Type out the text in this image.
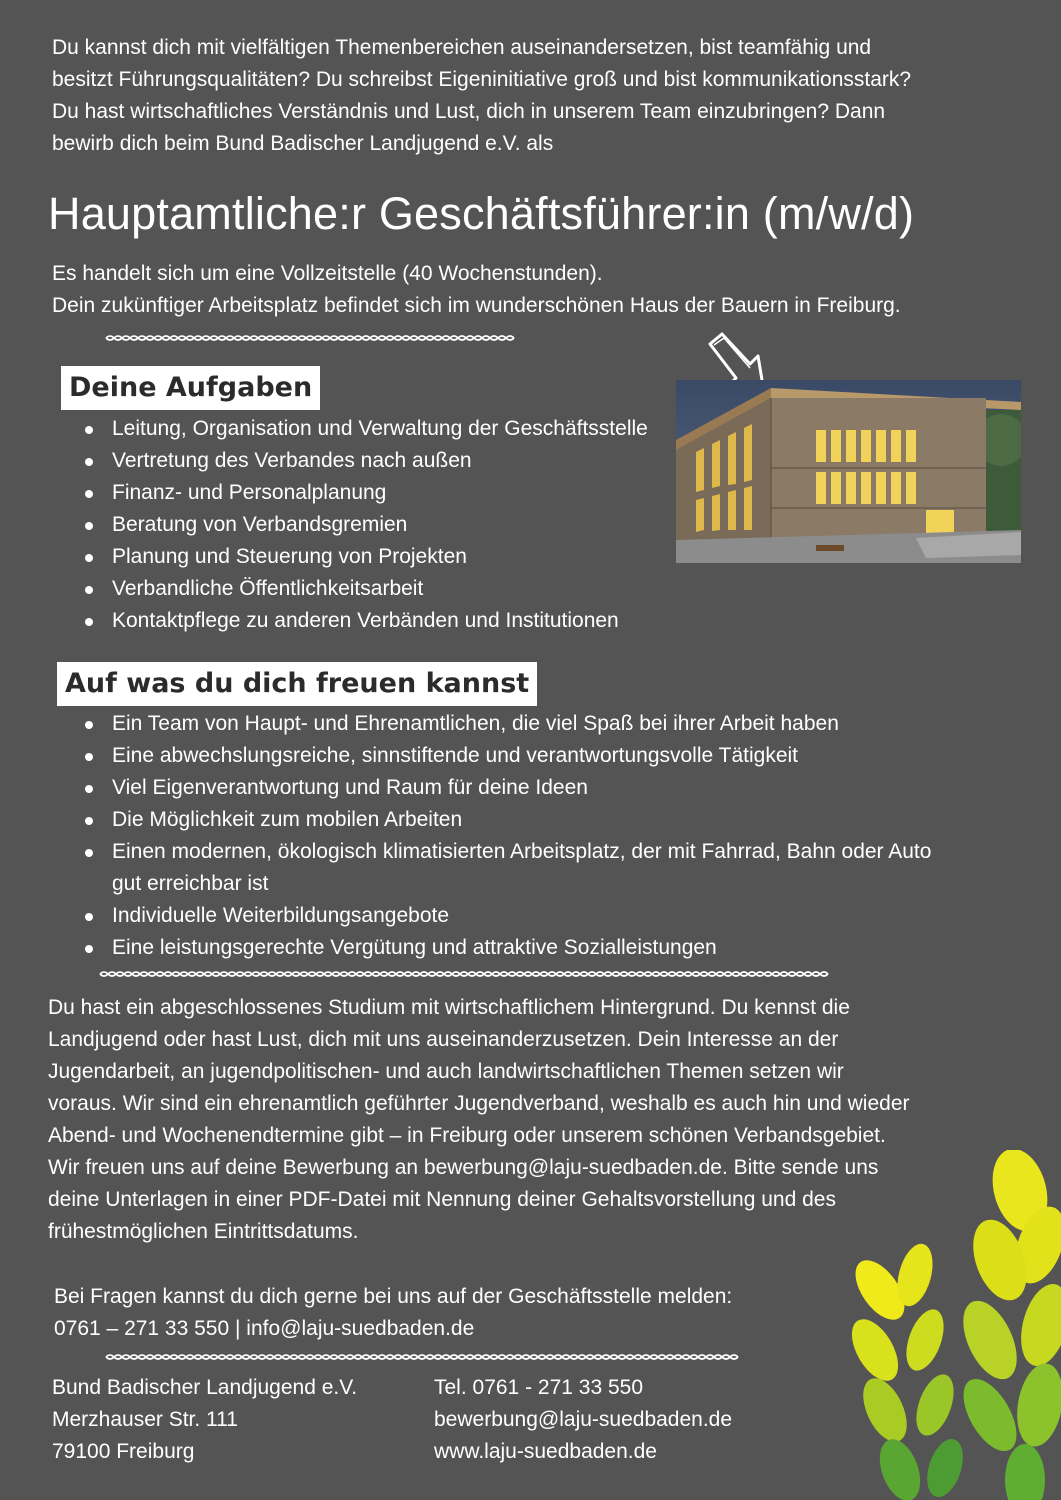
Du kannst dich mit vielfältigen Themenbereichen auseinandersetzen, bist teamfähig und
besitzt Führungsqualitäten? Du schreibst Eigeninitiative groß und bist kommunikationsstark?
Du hast wirtschaftliches Verständnis und Lust, dich in unserem Team einzubringen? Dann
bewirb dich beim Bund Badischer Landjugend e.V. als
Hauptamtliche:r Geschäftsführer:in (m/w/d)
Es handelt sich um eine Vollzeitstelle (40 Wochenstunden).
Dein zukünftiger Arbeitsplatz befindet sich im wunderschönen Haus der Bauern in Freiburg.
Deine Aufgaben
Leitung, Organisation und Verwaltung der Geschäftsstelle
Vertretung des Verbandes nach außen
Finanz- und Personalplanung
Beratung von Verbandsgremien
Planung und Steuerung von Projekten
Verbandliche Öffentlichkeitsarbeit
Kontaktpflege zu anderen Verbänden und Institutionen
Auf was du dich freuen kannst
Ein Team von Haupt- und Ehrenamtlichen, die viel Spaß bei ihrer Arbeit haben
Eine abwechslungsreiche, sinnstiftende und verantwortungsvolle Tätigkeit
Viel Eigenverantwortung und Raum für deine Ideen
Die Möglichkeit zum mobilen Arbeiten
Einen modernen, ökologisch klimatisierten Arbeitsplatz, der mit Fahrrad, Bahn oder Auto
gut erreichbar ist
Individuelle Weiterbildungsangebote
Eine leistungsgerechte Vergütung und attraktive Sozialleistungen
Du hast ein abgeschlossenes Studium mit wirtschaftlichem Hintergrund. Du kennst die
Landjugend oder hast Lust, dich mit uns auseinanderzusetzen. Dein Interesse an der
Jugendarbeit, an jugendpolitischen- und auch landwirtschaftlichen Themen setzen wir
voraus. Wir sind ein ehrenamtlich geführter Jugendverband, weshalb es auch hin und wieder
Abend- und Wochenendtermine gibt – in Freiburg oder unserem schönen Verbandsgebiet.
Wir freuen uns auf deine Bewerbung an bewerbung@laju-suedbaden.de. Bitte sende uns
deine Unterlagen in einer PDF-Datei mit Nennung deiner Gehaltsvorstellung und des
frühestmöglichen Eintrittsdatums.
Bei Fragen kannst du dich gerne bei uns auf der Geschäftsstelle melden:
0761 – 271 33 550 | info@laju-suedbaden.de
Bund Badischer Landjugend e.V.
Merzhauser Str. 111
79100 Freiburg
Tel. 0761 - 271 33 550
bewerbung@laju-suedbaden.de
www.laju-suedbaden.de
